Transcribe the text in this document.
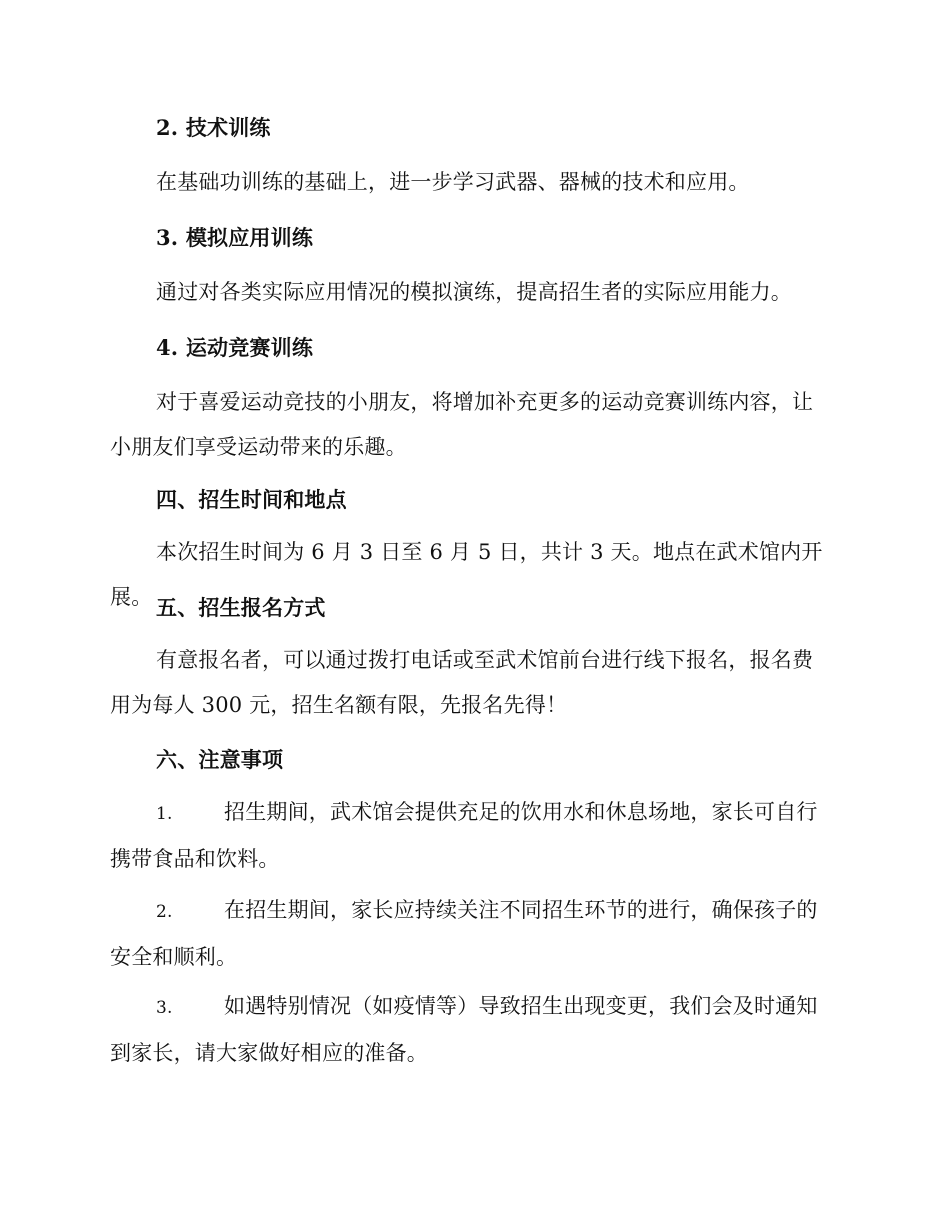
2. 技术训练
在基础功训练的基础上，进一步学习武器、器械的技术和应用。
3. 模拟应用训练
通过对各类实际应用情况的模拟演练，提高招生者的实际应用能力。
4. 运动竞赛训练
对于喜爱运动竞技的小朋友，将增加补充更多的运动竞赛训练内容，让小朋友们享受运动带来的乐趣。
四、招生时间和地点
本次招生时间为 6 月 3 日至 6 月 5 日，共计 3 天。地点在武术馆内开展。 五、招生报名方式
有意报名者，可以通过拨打电话或至武术馆前台进行线下报名，报名费用为每人 300 元，招生名额有限，先报名先得！
六、注意事项
1. 招生期间，武术馆会提供充足的饮用水和休息场地，家长可自行携带食品和饮料。
2. 在招生期间，家长应持续关注不同招生环节的进行，确保孩子的安全和顺利。
3. 如遇特别情况（如疫情等）导致招生出现变更，我们会及时通知到家长，请大家做好相应的准备。
